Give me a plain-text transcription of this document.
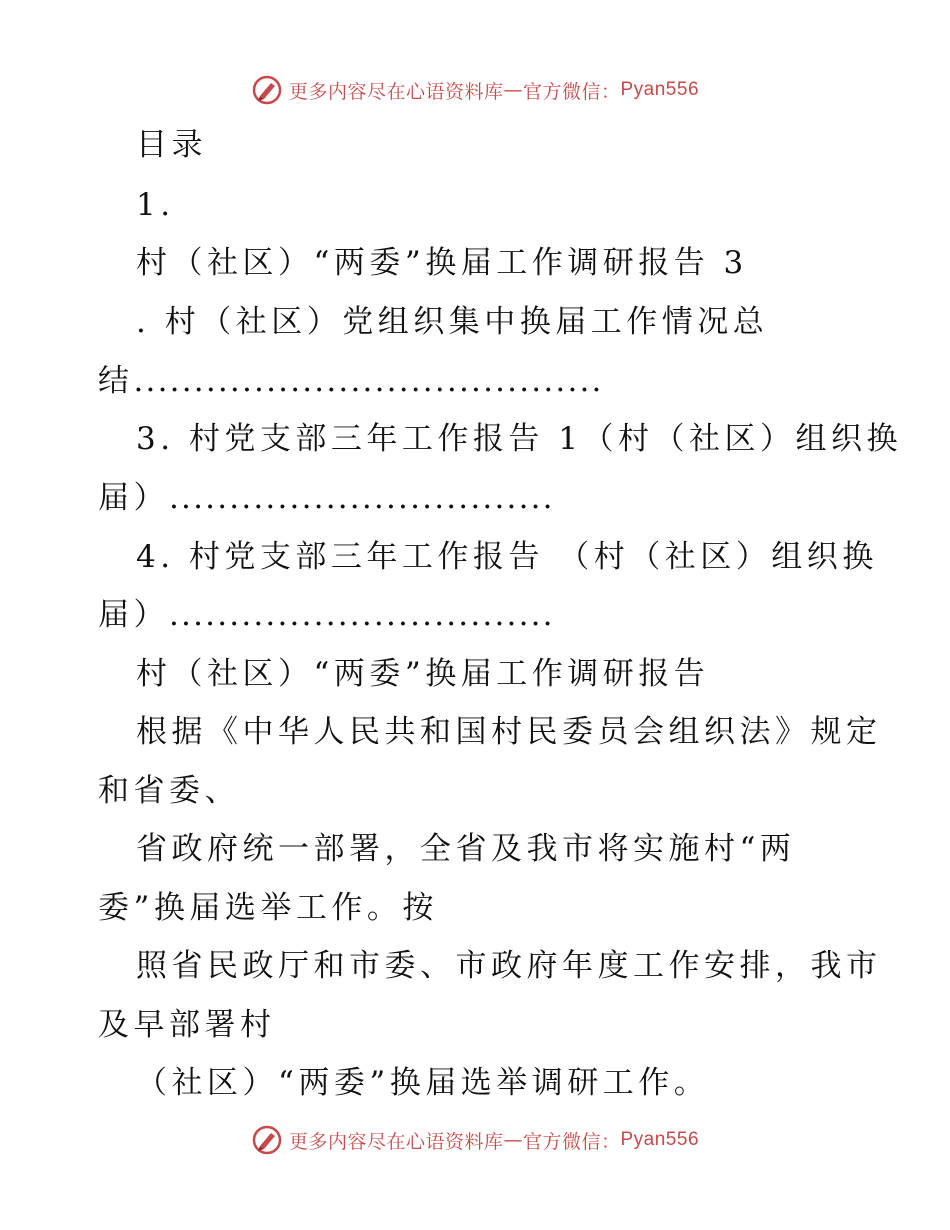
更多内容尽在心语资料库 — 官方微信： Pyan556
目录
1.
村（社区）“两委”换届工作调研报告 3
. 村（社区）党组织集中换届工作情况总
结.......................................
3. 村党支部三年工作报告 1（村（社区）组织换
届）................................
4. 村党支部三年工作报告 （村（社区）组织换
届）................................
村（社区）“两委”换届工作调研报告
根据《中华人民共和国村民委员会组织法》规定
和省委、
省政府统一部署，全省及我市将实施村“两
委”换届选举工作。按
照省民政厅和市委、市政府年度工作安排，我市
及早部署村
（社区）“两委”换届选举调研工作。
更多内容尽在心语资料库 — 官方微信： Pyan556
